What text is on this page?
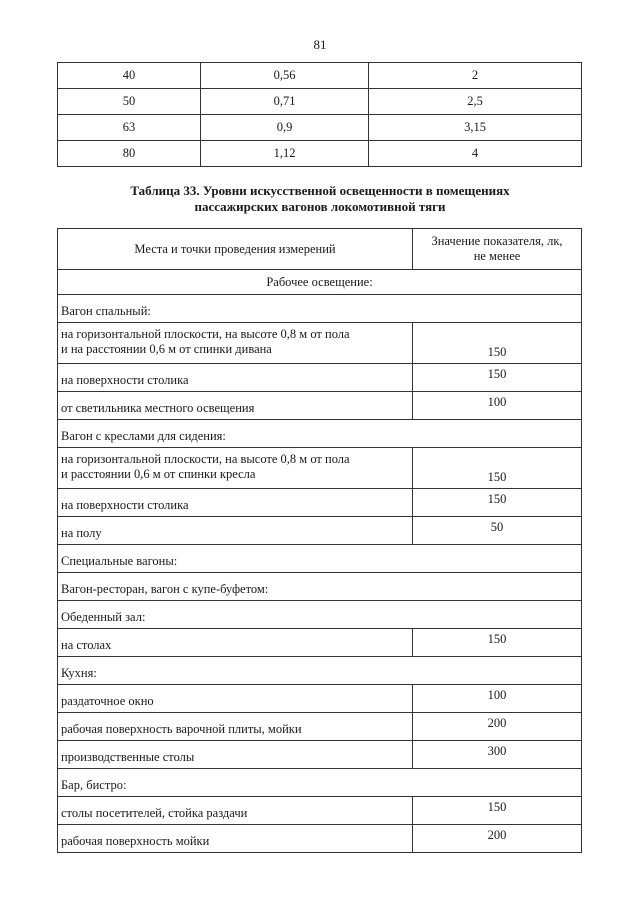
81
40	0,56	2
50	0,71	2,5
63	0,9	3,15
80	1,12	4
Таблица 33. Уровни искусственной освещенности в помещениях
пассажирских вагонов локомотивной тяги
Места и точки проведения измерений	Значение показателя, лк,
не менее

Рабочее освещение:	
Вагон спальный:	

на горизонтальной плоскости, на высоте 0,8 м от пола
и на расстоянии 0,6 м от спинки дивана	150
на поверхности столика	150
от светильника местного освещения	100
Вагон с креслами для сидения:	

на горизонтальной плоскости, на высоте 0,8 м от пола
и расстоянии 0,6 м от спинки кресла	150
на поверхности столика	150
на полу	50
Специальные вагоны:	
Вагон-ресторан, вагон с купе-буфетом:	
Обеденный зал:	
на столах	150
Кухня:	
раздаточное окно	100
рабочая поверхность варочной плиты, мойки	200
производственные столы	300
Бар, бистро:	
столы посетителей, стойка раздачи	150
рабочая поверхность мойки	200
